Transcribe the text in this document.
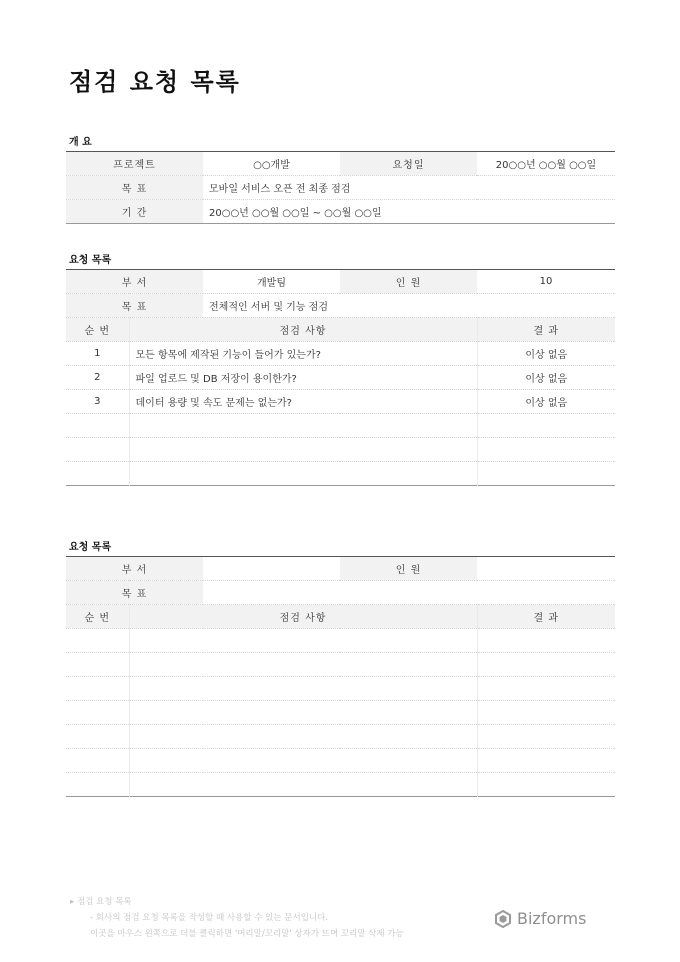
점검 요청 목록
개 요
프로젝트	○○개발	요청일	20○○년 ○○월 ○○일
목 표	모바일 서비스 오픈 전 최종 점검		
기 간	20○○년 ○○월 ○○일 ~ ○○월 ○○일		
요청 목록
부 서		개발팀	인 원	10
목 표		전체적인 서버 및 기능 점검		
순 번	점검 사항			결 과
1	모든 항목에 제작된 기능이 들어가 있는가?			이상 없음
2	파일 업로드 및 DB 저장이 용이한가?			이상 없음
3	데이터 용량 및 속도 문제는 없는가?			이상 없음

요청 목록
부 서			인 원	
목 표				
순 번	점검 사항			결 과

▸ 점검 요청 목록
- 회사의 점검 요청 목록을 작성할 때 사용할 수 있는 문서입니다.
이곳을 마우스 왼쪽으로 더블 클릭하면 '머리말/꼬리말' 상자가 뜨며 꼬리말 삭제 가능
Bizforms
